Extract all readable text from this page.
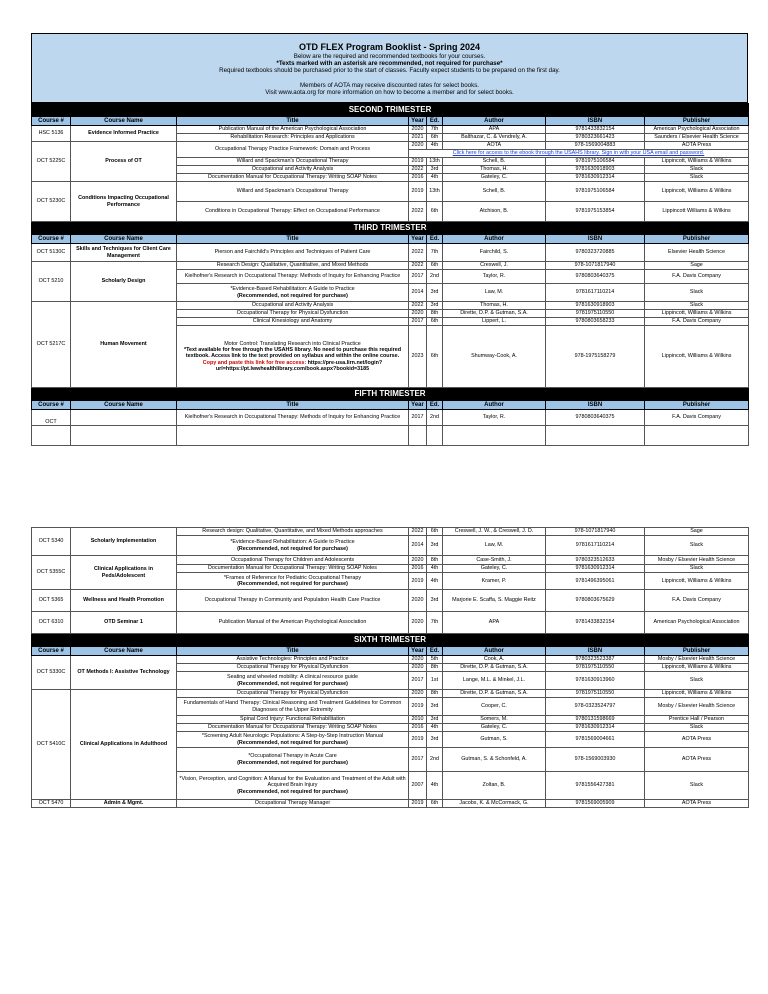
OTD FLEX Program Booklist - Spring 2024
Below are the required and recommended textbooks for your courses.
*Texts marked with an asterisk are recommended, not required for purchase*
Required textbooks should be purchased prior to the start of classes. Faculty expect students to be prepared on the first day.
Members of AOTA may receive discounted rates for select books.
Visit www.aota.org for more information on how to become a member and for select books.
SECOND TRIMESTER							
Course #	Course Name	Title	Year	Ed.	Author	ISBN	Publisher
HSC 5136	Evidence Informed Practice	Publication Manual of the American Psychological Association	2020	7th	APA	9781433832154	American Psychological Association
		Rehabilitation Research: Principles and Applications	2021	6th	Balthazar, C. & Vendrely, A.	9780323661423	Saunders / Elsevier Health Science
OCT 5225C	Process of OT	Occupational Therapy Practice Framework: Domain and Process	2020	4th	AOTA	978-1569004883	AOTA Press
			Click here for access to the ebook through the USAHS library. Sign in with your USA email and password.				
		Willard and Spackman's Occupational Therapy	2019	13th	Schell, B.	9781975106584	Lippincott, Williams & Wilkins
		Occupational and Activity Analysis	2022	3rd	Thomas, H.	9781630918903	Slack
		Documentation Manual for Occupational Therapy: Writing SOAP Notes	2016	4th	Gateley, C.	9781630912314	Slack
OCT 5230C	Conditions Impacting Occupational Performance	Willard and Spackman's Occupational Therapy	2019	13th	Schell, B.	9781975106584	Lippincott, Williams & Wilkins
		Conditions in Occupational Therapy: Effect on Occupational Performance	2022	6th	Atchison, B.	9781975153854	Lippincott Williams & Wilkins
THIRD TRIMESTER							
Course #	Course Name	Title	Year	Ed.	Author	ISBN	Publisher
OCT 5130C	Skills and Techniques for Client Care Management	Pierson and Fairchild's Principles and Techniques of Patient Care	2022	7th	Fairchild, S.	9780323720885	Elsevier Health Science
OCT 5210	Scholarly Design	Research Design: Qualitative, Quantitative, and Mixed Methods	2022	6th	Creswell, J.	978-1071817940	Sage
		Kielhofner's Research in Occupational Therapy: Methods of Inquiry for Enhancing Practice	2017	2nd	Taylor, R.	9780803640375	F.A. Davis Company
		*Evidence-Based Rehabilitation: A Guide to Practice
(Recommended, not required for purchase)	2014	3rd	Law, M.	9781617110214	Slack
OCT 5217C	Human Movement	Occupational and Activity Analysis	2022	3rd	Thomas, H.	9781630918903	Slack
		Occupational Therapy for Physical Dysfunction	2020	8th	Dirette, D.P. & Gutman, S.A.	9781975110550	Lippincott, Williams & Wilkins
		Clinical Kinesiology and Anatomy	2017	6th	Lippert, L.	9780803658233	F.A. Davis Company
		Motor Control: Translating Research into Clinical Practice
*Text available for free through the USAHS library. No need to purchase this required textbook. Access link to the text provided on syllabus and within the online course.
Copy and paste this link for free access: https://pre-usa.lirn.net/login?url=https://pt.lwwhealthlibrary.com/book.aspx?bookid=3185	2023	6th	Shumway-Cook, A.	978-1975158279	Lippincott, Williams & Wilkins
FIFTH TRIMESTER							
Course #	Course Name	Title	Year	Ed.	Author	ISBN	Publisher
OCT		Kielhofner's Research in Occupational Therapy: Methods of Inquiry for Enhancing Practice	2017	2nd	Taylor, R.	9780803640375	F.A. Davis Company

OCT 5340	Scholarly Implementation	Research design: Qualitative, Quantitative, and Mixed Methods approaches	2022	6th	Creswell, J. W., & Creswell, J. D.	978-1071817940	Sage
		*Evidence-Based Rehabilitation: A Guide to Practice
(Recommended, not required for purchase)	2014	3rd	Law, M.	9781617110214	Slack
OCT 5355C	Clinical Applications in Peds/Adolescent	Occupational Therapy for Children and Adolescents	2020	8th	Case-Smith, J.	9780323512633	Mosby / Elsevier Health Science
		Documentation Manual for Occupational Therapy: Writing SOAP Notes	2016	4th	Gateley, C.	9781630912314	Slack
		*Frames of Reference for Pediatric Occupational Therapy
(Recommended, not required for purchase)	2019	4th	Kramer, P.	9781496395061	Lippincott, Williams & Wilkins
OCT 5365	Wellness and Health Promotion	Occupational Therapy in Community and Population Health Care Practice	2020	3rd	Marjorie E. Scaffa, S. Maggie Reitz	9780803675629	F.A. Davis Company
OCT 6310	OTD Seminar 1	Publication Manual of the American Psychological Association	2020	7th	APA	9781433832154	American Psychological Association
SIXTH TRIMESTER							
Course #	Course Name	Title	Year	Ed.	Author	ISBN	Publisher
OCT 5330C	OT Methods I: Assistive Technology	Assistive Technologies: Principles and Practice	2020	5th	Cook, A.	9780323523387	Mosby / Elsevier Health Science
		Occupational Therapy for Physical Dysfunction	2020	8th	Dirette, D.P. & Gutman, S.A.	9781975110550	Lippincott, Williams & Wilkins
		Seating and wheeled mobility: A clinical resource guide
(Recommended, not required for purchase)	2017	1st	Lange, M.L. & Minkel, J.L.	9781630913960	Slack
OCT 5410C	Clinical Applications in Adulthood	Occupational Therapy for Physical Dysfunction	2020	8th	Dirette, D.P. & Gutman, S.A.	9781975110550	Lippincott, Williams & Wilkins
		Fundamentals of Hand Therapy: Clinical Reasoning and Treatment Guidelines for Common Diagnoses of the Upper Extremity	2019	3rd	Cooper, C.	978-0323524797	Mosby / Elsevier Health Science
		Spinal Cord Injury: Functional Rehabilitation	2010	3rd	Somers, M.	9780131598669	Prentice Hall / Pearson
		Documentation Manual for Occupational Therapy: Writing SOAP Notes	2016	4th	Gateley, C.	9781630912314	Slack
		*Screening Adult Neurologic Populations: A Step-by-Step Instruction Manual
(Recommended, not required for purchase)	2019	3rd	Gutman, S.	9781569004661	AOTA Press
		*Occupational Therapy in Acute Care
(Recommended, not required for purchase)	2017	2nd	Gutman, S. & Schonfeld, A.	978-1569003930	AOTA Press
		*Vision, Perception, and Cognition: A Manual for the Evaluation and Treatment of the Adult with Acquired Brain Injury
(Recommended, not required for purchase)	2007	4th	Zoltan, B.	9781556427381	Slack
OCT 5470	Admin & Mgmt.	Occupational Therapy Manager	2019	6th	Jacobs, K. & McCormack, G.	9781569005909	AOTA Press
